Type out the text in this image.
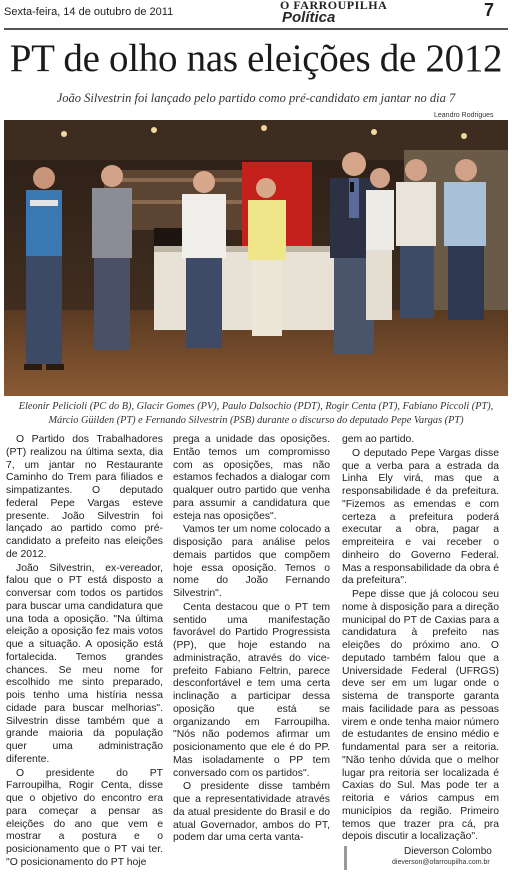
Sexta-feira, 14 de outubro de 2011	O FARROUPILHA
Política	7
PT de olho nas eleições de 2012
João Silvestrin foi lançado pelo partido como pré-candidato em jantar no dia 7
Leandro Rodrigues
Eleonir Pelicioli (PC do B), Glacir Gomes (PV), Paulo Dalsochio (PDT), Rogir Centa (PT), Fabiano Piccoli (PT), Márcio Güilden (PT) e Fernando Silvestrin (PSB) durante o discurso do deputado Pepe Vargas (PT)

O Partido dos Trabalhadores (PT) realizou na última sexta, dia 7, um jantar no Restaurante Caminho do Trem para filiados e simpatizantes. O deputado federal Pepe Vargas esteve presente. João Silvestrin foi lançado ao partido como pré-candidato a prefeito nas eleições de 2012.

João Silvestrin, ex-vereador, falou que o PT está disposto a conversar com todos os partidos para buscar uma candidatura que una toda a oposição. "Na última eleição a oposição fez mais votos que a situação. A oposição está fortalecida. Temos grandes chances. Se meu nome for escolhido me sinto preparado, pois tenho uma histíria nessa cidade para buscar melhorias". Silvestrin disse também que a grande maioria da população quer uma administração diferente.

O presidente do PT Farroupilha, Rogir Centa, disse que o objetivo do encontro era para começar a pensar as eleições do ano que vem e mostrar a postura e o posicionamento que o PT vai ter. "O posicionamento do PT hoje

prega a unidade das oposições. Então temos um compromisso com as oposições, mas não estamos fechados a dialogar com qualquer outro partido que venha para assumir a candidatura que esteja nas oposições".

Vamos ter um nome colocado a disposição para análise pelos demais partidos que compõem hoje essa oposição. Temos o nome do João Fernando Silvestrin".

Centa destacou que o PT tem sentido uma manifestação favorável do Partido Progressista (PP), que hoje estando na administração, através do vice-prefeito Fabiano Feltrin, parece desconfortável e tem uma certa inclinação a participar dessa oposição que está se organizando em Farroupilha. "Nós não podemos afirmar um posicionamento que ele é do PP. Mas isoladamente o PP tem conversado com os partidos".

O presidente disse também que a representatividade através da atual presidente do Brasil e do atual Governador, ambos do PT, podem dar uma certa vanta-

gem ao partido.

O deputado Pepe Vargas disse que a verba para a estrada da Linha Ely virá, mas que a responsabilidade é da prefeitura. "Fizemos as emendas e com certeza a prefeitura poderá executar a obra, pagar a empreiteira e vai receber o dinheiro do Governo Federal. Mas a responsabilidade da obra é da prefeitura".

Pepe disse que já colocou seu nome à disposição para a direção municipal do PT de Caxias para a candidatura à prefeito nas eleições do próximo ano. O deputado também falou que a Universidade Federal (UFRGS) deve ser em um lugar onde o sistema de transporte garanta mais facilidade para as pessoas virem e onde tenha maior número de estudantes de ensino médio e fundamental para ser a reitoria. "Não tenho dúvida que o melhor lugar pra reitoria ser localizada é Caxias do Sul. Mas pode ter a reitoria e vários campus em municípios da região. Primeiro temos que trazer pra cá, pra depois discutir a localização".

Dieverson Colombo
dieverson@ofarroupilha.com.br
